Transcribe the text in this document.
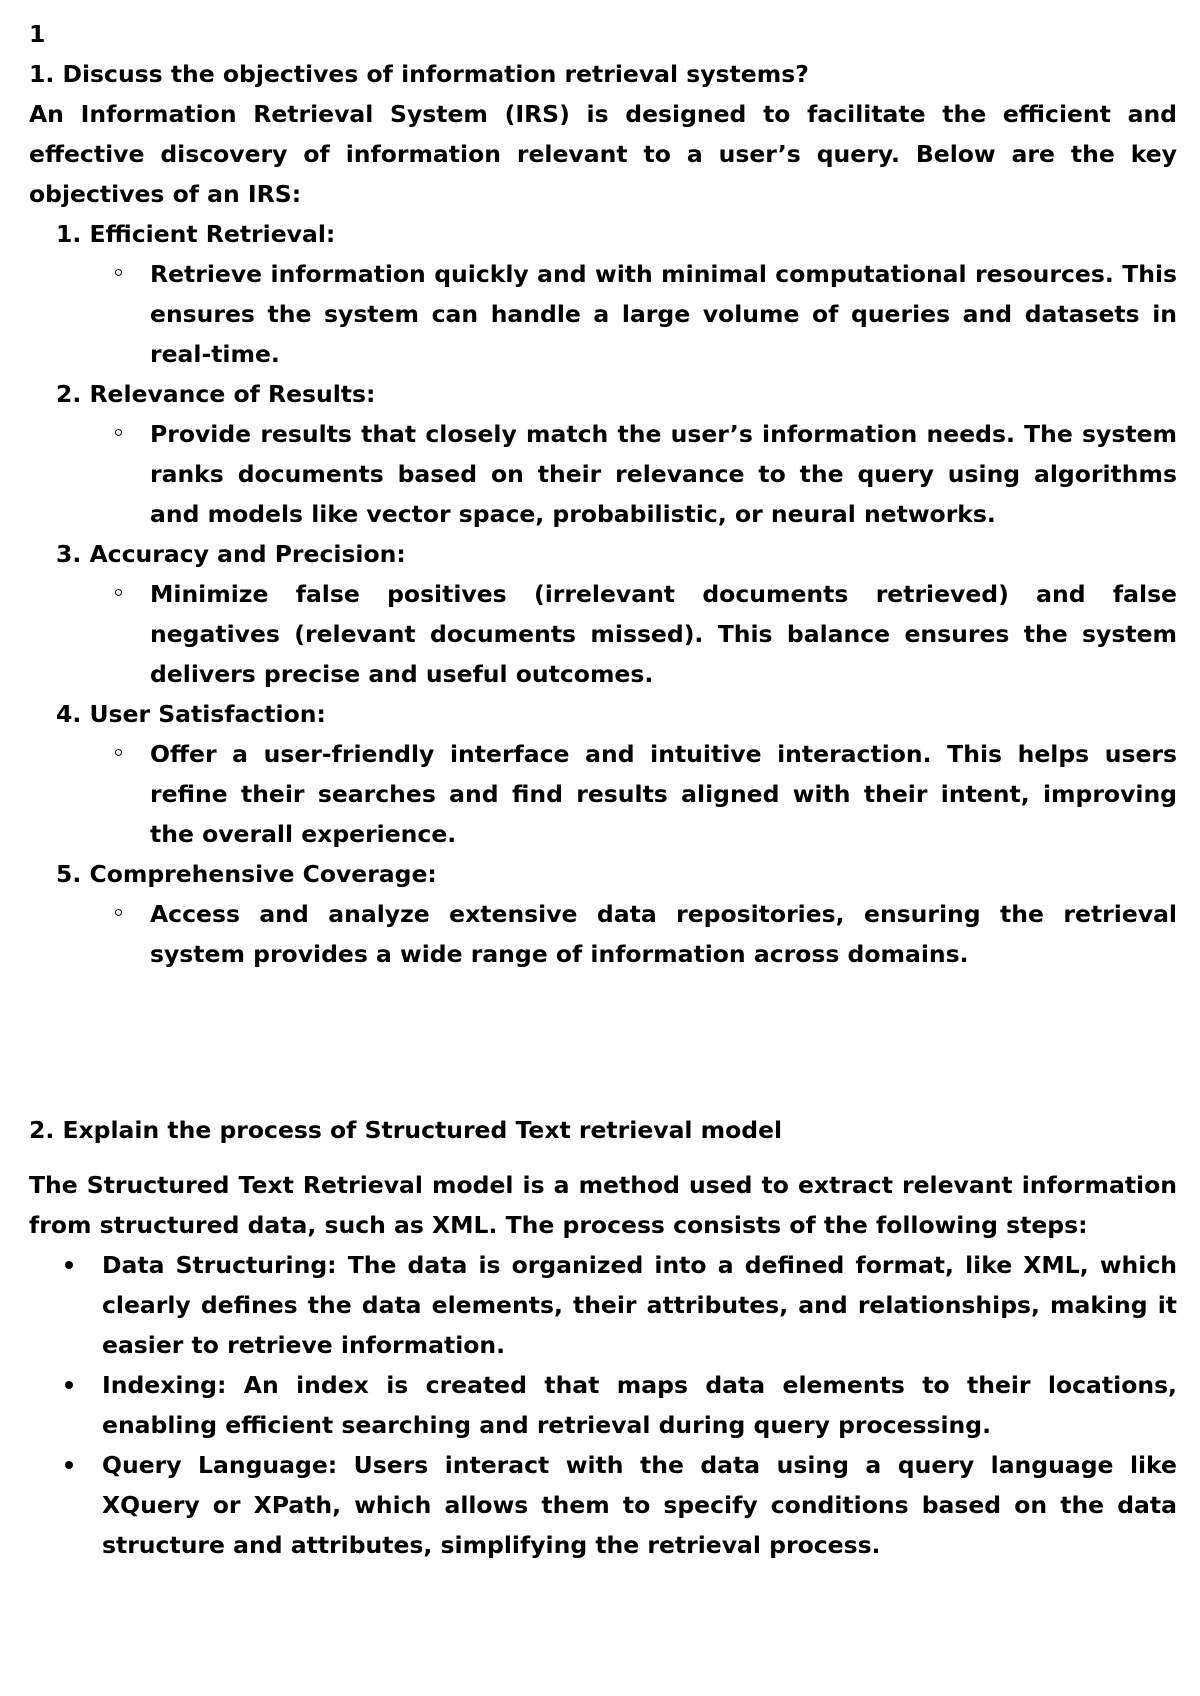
1

1. Discuss the objectives of information retrieval systems?

An Information Retrieval System (IRS) is designed to facilitate the efficient and effective discovery of information relevant to a user’s query. Below are the key objectives of an IRS:

1. Efficient Retrieval:

Retrieve information quickly and with minimal computational resources. This ensures the system can handle a large volume of queries and datasets in real-time.

2. Relevance of Results:

Provide results that closely match the user’s information needs. The system ranks documents based on their relevance to the query using algorithms and models like vector space, probabilistic, or neural networks.

3. Accuracy and Precision:

Minimize false positives (irrelevant documents retrieved) and false negatives (relevant documents missed). This balance ensures the system delivers precise and useful outcomes.

4. User Satisfaction:

Offer a user-friendly interface and intuitive interaction. This helps users refine their searches and find results aligned with their intent, improving the overall experience.

5. Comprehensive Coverage:

Access and analyze extensive data repositories, ensuring the retrieval system provides a wide range of information across domains.

2. Explain the process of Structured Text retrieval model

The Structured Text Retrieval model is a method used to extract relevant information from structured data, such as XML. The process consists of the following steps:

Data Structuring: The data is organized into a defined format, like XML, which clearly defines the data elements, their attributes, and relationships, making it easier to retrieve information.

Indexing: An index is created that maps data elements to their locations, enabling efficient searching and retrieval during query processing.

Query Language: Users interact with the data using a query language like XQuery or XPath, which allows them to specify conditions based on the data structure and attributes, simplifying the retrieval process.
